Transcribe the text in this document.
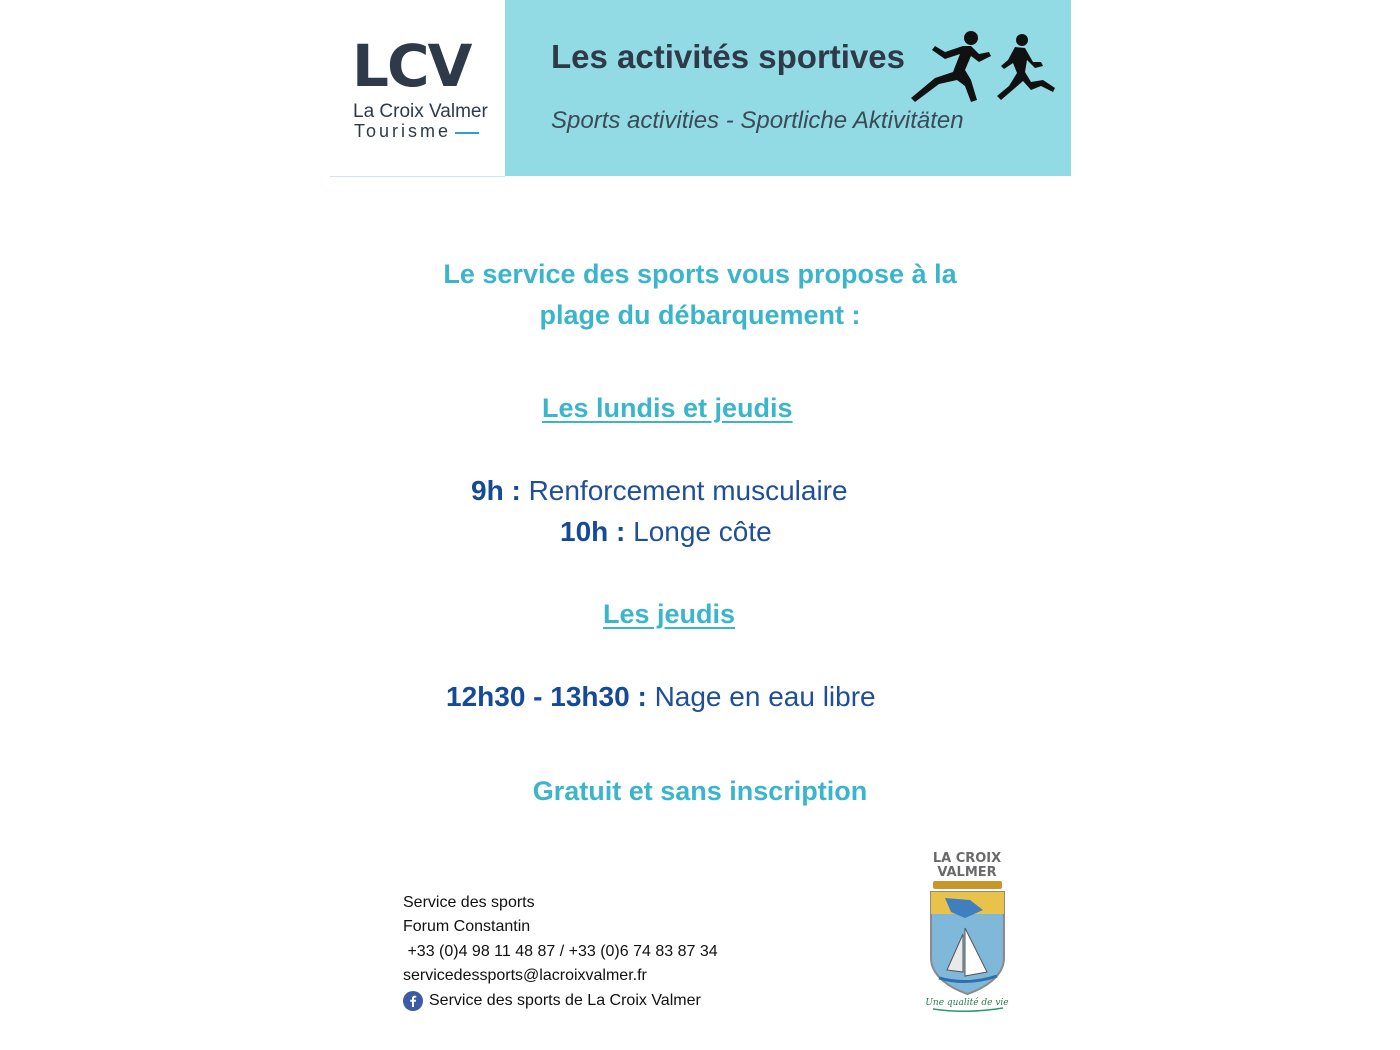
LCV
La Croix Valmer
Tourisme
Les activités sportives
Sports activities - Sportliche Aktivitäten
Le service des sports vous propose à la
plage du débarquement :
Les lundis et jeudis
9h : Renforcement musculaire
10h : Longe côte
Les jeudis
12h30 - 13h30 : Nage en eau libre
Gratuit et sans inscription
Service des sports
Forum Constantin
+33 (0)4 98 11 48 87 / +33 (0)6 74 83 87 34
servicedessports@lacroixvalmer.fr
Service des sports de La Croix Valmer
LA CROIX
VALMER
Une qualité de vie
